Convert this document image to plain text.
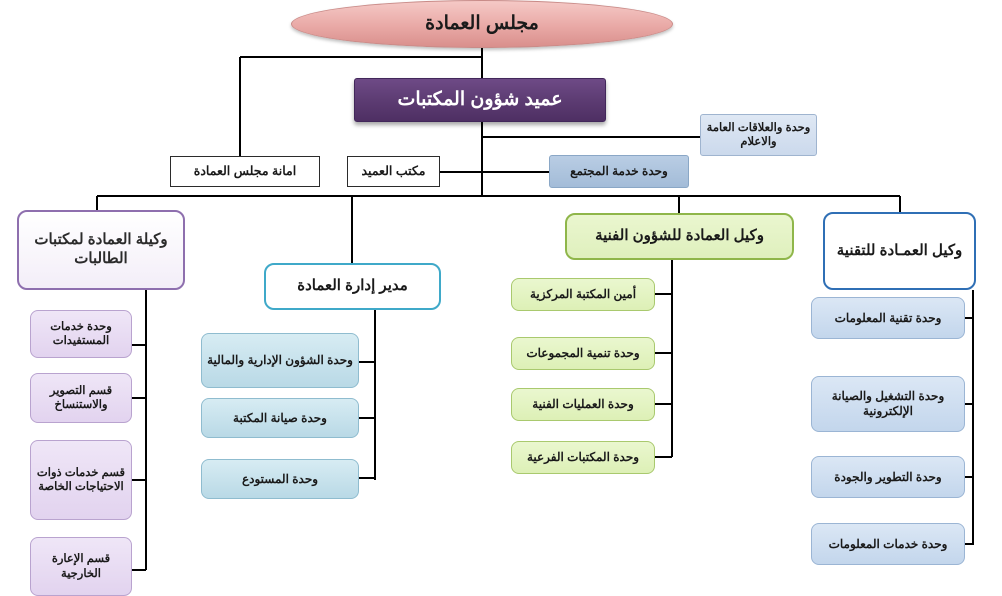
مجلس العمادة
عميد شؤون المكتبات
امانة مجلس العمادة	مكتب العميد
وحدة والعلاقات العامة والاعلام
وحدة خدمة المجتمع
وكيلة العمادة لمكتبات الطالبات
مدير إدارة العمادة
وكيل العمادة للشؤون الفنية
وكيل العمـادة للتقنية
وحدة خدمات المستفيدات
قسم التصوير والاستنساخ
قسم خدمات ذوات الاحتياجات الخاصة
قسم الإعارة الخارجية
وحدة الشؤون الإدارية والمالية
وحدة صيانة المكتبة
وحدة المستودع
أمين المكتبة المركزية
وحدة تنمية المجموعات
وحدة العمليات الفنية
وحدة المكتبات الفرعية
وحدة تقنية المعلومات
وحدة التشغيل والصيانة الإلكترونية
وحدة التطوير والجودة
وحدة خدمات المعلومات
